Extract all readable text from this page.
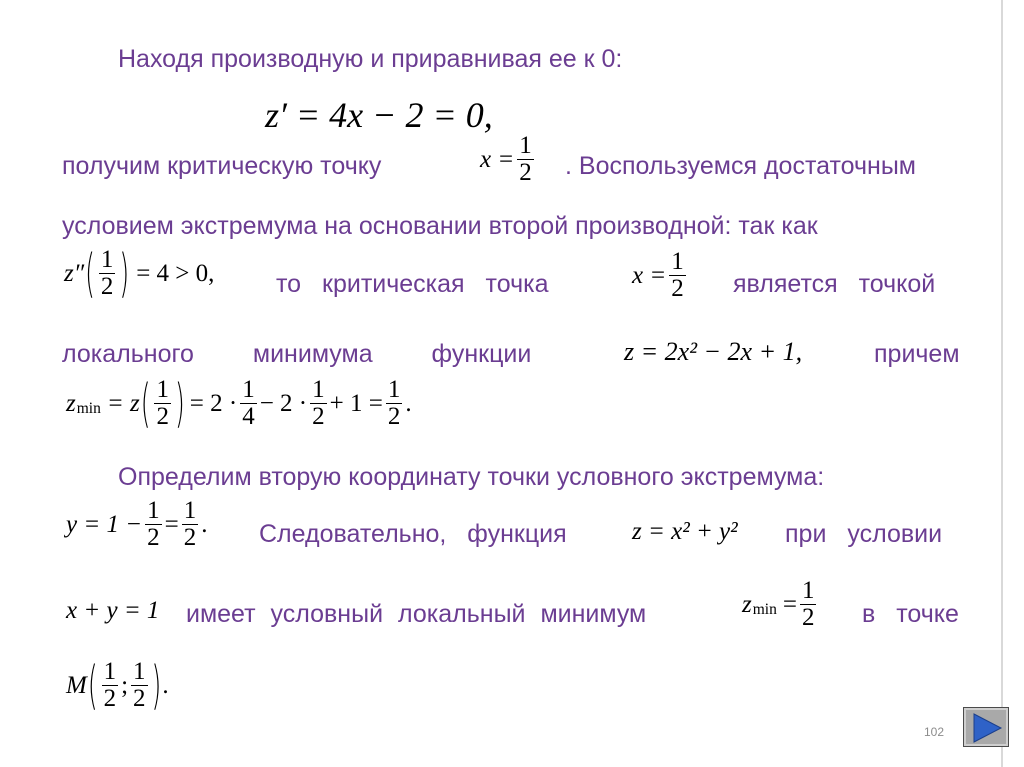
Находя производную и приравнивая ее к 0:

z′ = 4x − 2 = 0,

получим критическую точку	$x = \frac{1}{2}$ . Воспользуемся достаточным

условием экстремума на основании второй производной: так как

z″ ( $\frac{1}{2}$ ) = 4 > 0, то критическая точка	$x = \frac{1}{2}$ является точкой

локального минимума функции	z = 2x² − 2x + 1,	причем

z min = z ( $\frac{1}{2}$ ) = $2 \cdot \frac{1}{4} - 2 \cdot \frac{1}{2} + 1 = \frac{1}{2}$ .

Определим вторую координату точки условного экстремума:

$y = 1 - \frac{1}{2} = \frac{1}{2}$ . Следовательно, функция	z = x² + y² при условии

x + y = 1 имеет условный локальный минимум	z $\min = \frac{1}{2}$ в точке

M ( $\frac{1}{2}$ ; $\frac{1}{2}$ ) .
102
